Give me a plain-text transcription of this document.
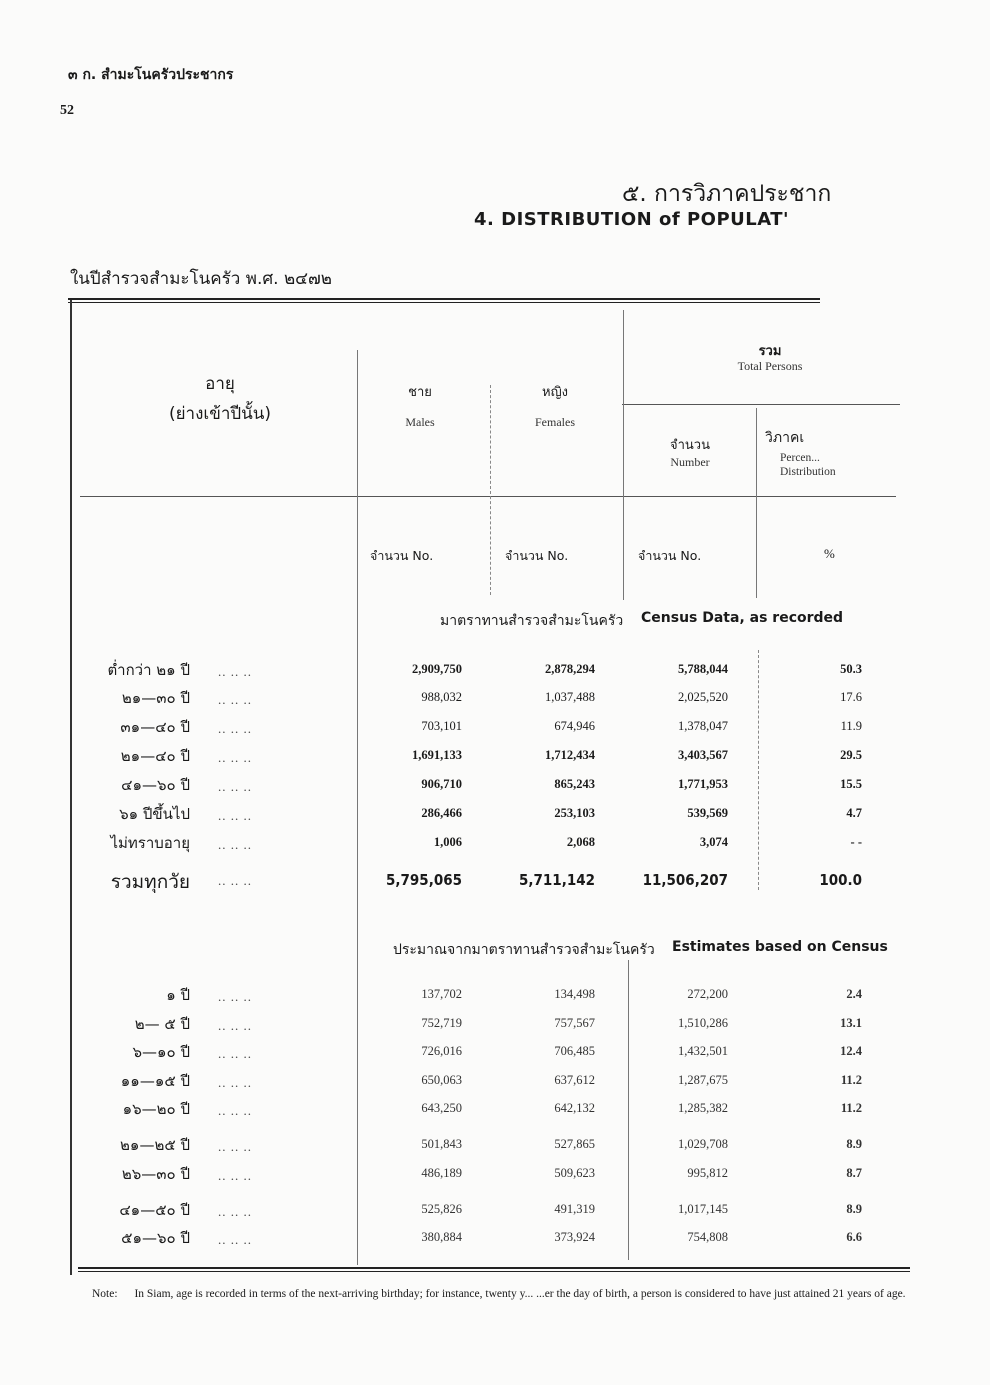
๓ ก. สำมะโนครัวประชากร
52
๕. การวิภาคประชาก
4. DISTRIBUTION of POPULAT'
ในปีสำรวจสำมะโนครัว พ.ศ. ๒๔๗๒
อายุ
(ย่างเข้าปีนั้น)
ชาย
Males
หญิง
Females
รวม
Total Persons
จำนวน
Number
วิภาคเ
Percen...
Distribution
จำนวน No.	จำนวน No.	จำนวน No.	%
มาตราทานสำรวจสำมะโนครัว Census Data, as recorded
ต่ำกว่า ๒๑ ปี .. .. ..	2,909,750	2,878,294	5,788,044	50.3
๒๑—๓๐ ปี .. .. ..	988,032	1,037,488	2,025,520	17.6
๓๑—๔๐ ปี .. .. ..	703,101	674,946	1,378,047	11.9
๒๑—๔๐ ปี .. .. ..	1,691,133	1,712,434	3,403,567	29.5
๔๑—๖๐ ปี .. .. ..	906,710	865,243	1,771,953	15.5
๖๑ ปีขึ้นไป .. .. ..	286,466	253,103	539,569	4.7
ไม่ทราบอายุ .. .. ..	1,006	2,068	3,074	- -
รวมทุกวัย .. .. ..	5,795,065	5,711,142	11,506,207	100.0
ประมาณจากมาตราทานสำรวจสำมะโนครัว Estimates based on Census
๑ ปี .. .. ..	137,702	134,498	272,200	2.4
๒— ๕ ปี .. .. ..	752,719	757,567	1,510,286	13.1
๖—๑๐ ปี .. .. ..	726,016	706,485	1,432,501	12.4
๑๑—๑๕ ปี .. .. ..	650,063	637,612	1,287,675	11.2
๑๖—๒๐ ปี .. .. ..	643,250	642,132	1,285,382	11.2
๒๑—๒๕ ปี .. .. ..	501,843	527,865	1,029,708	8.9
๒๖—๓๐ ปี .. .. ..	486,189	509,623	995,812	8.7
๔๑—๕๐ ปี .. .. ..	525,826	491,319	1,017,145	8.9
๕๑—๖๐ ปี .. .. ..	380,884	373,924	754,808	6.6
Note: In Siam, age is recorded in terms of the next-arriving birthday; for instance, twenty y... ...er the day of birth, a person is considered to have just attained 21 years of age.
